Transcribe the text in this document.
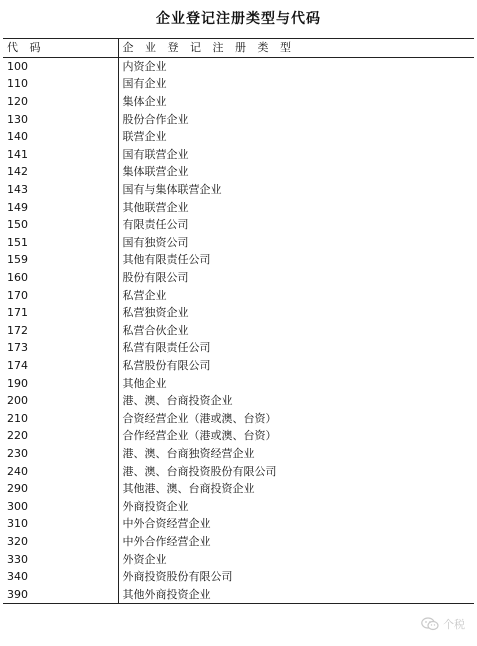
企业登记注册类型与代码
代 码	企 业 登 记 注 册 类 型
100	内资企业
110	国有企业
120	集体企业
130	股份合作企业
140	联营企业
141	国有联营企业
142	集体联营企业
143	国有与集体联营企业
149	其他联营企业
150	有限责任公司
151	国有独资公司
159	其他有限责任公司
160	股份有限公司
170	私营企业
171	私营独资企业
172	私营合伙企业
173	私营有限责任公司
174	私营股份有限公司
190	其他企业
200	港、澳、台商投资企业
210	合资经营企业（港或澳、台资）
220	合作经营企业（港或澳、台资）
230	港、澳、台商独资经营企业
240	港、澳、台商投资股份有限公司
290	其他港、澳、台商投资企业
300	外商投资企业
310	中外合资经营企业
320	中外合作经营企业
330	外资企业
340	外商投资股份有限公司
390	其他外商投资企业
个税
